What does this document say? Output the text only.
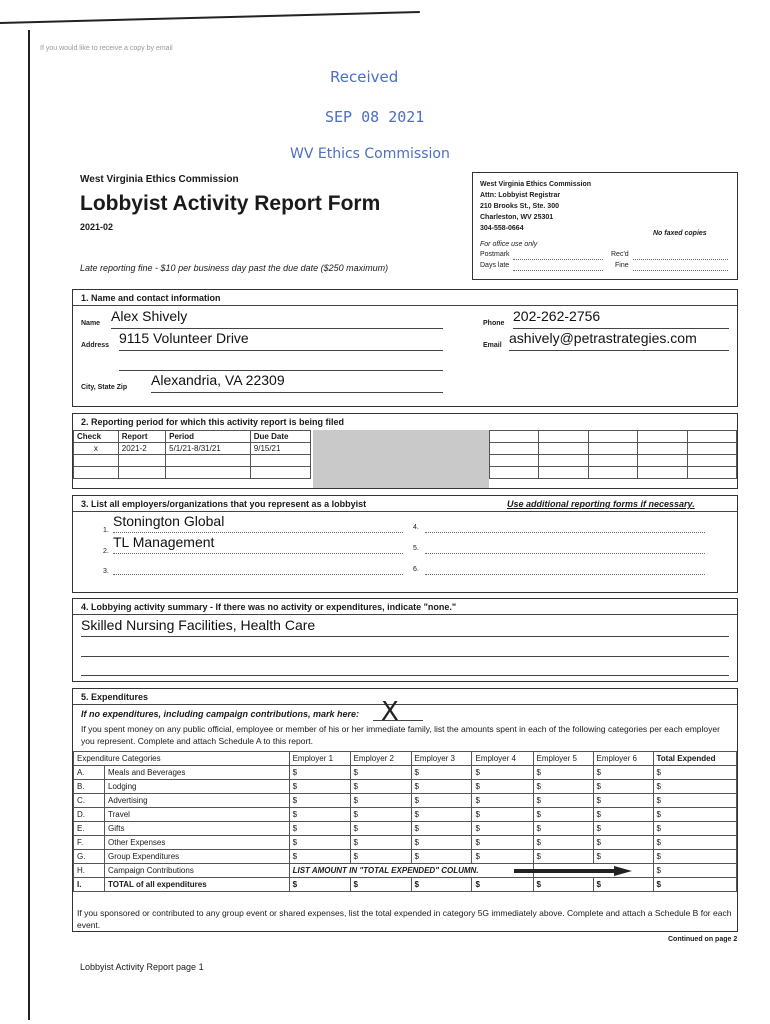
If you would like to receive a copy by email
Received
SEP 08 2021
WV Ethics Commission
West Virginia Ethics Commission
Lobbyist Activity Report Form
2021-02
Late reporting fine - $10 per business day past the due date ($250 maximum)
West Virginia Ethics Commission
Attn: Lobbyist Registrar
210 Brooks St., Ste. 300
Charleston, WV 25301
304-558-0664
No faxed copies
For office use only
Postmark	Rec'd
Days late	Fine
1. Name and contact information
Name Alex Shively
Address 9115 Volunteer Drive
City, State Zip Alexandria, VA 22309
Phone 202-262-2756
Email ashively@petrastrategies.com
2. Reporting period for which this activity report is being filed
Check	Report	Period	Due Date
x	2021-2	5/1/21-8/31/21	9/15/21

3. List all employers/organizations that you represent as a lobbyist	Use additional reporting forms if necessary.
1.
Stonington Global
2.
TL Management
3.
4.
5.
6.
4. Lobbying activity summary - If there was no activity or expenditures, indicate "none."
Skilled Nursing Facilities, Health Care
5. Expenditures
If no expenditures, including campaign contributions, mark here: X
If you spent money on any public official, employee or member of his or her immediate family, list the amounts spent in each of the following categories per each employer you represent. Complete and attach Schedule A to this report.
Expenditure Categories		Employer 1	Employer 2	Employer 3	Employer 4	Employer 5	Employer 6	Total Expended
A.	Meals and Beverages	$	$	$	$	$	$	$
B.	Lodging	$	$	$	$	$	$	$
C.	Advertising	$	$	$	$	$	$	$
D.	Travel	$	$	$	$	$	$	$
E.	Gifts	$	$	$	$	$	$	$
F.	Other Expenses	$	$	$	$	$	$	$
G.	Group Expenditures	$	$	$	$	$	$	$
H.	Campaign Contributions	LIST AMOUNT IN "TOTAL EXPENDED" COLUMN.						$
I.	TOTAL of all expenditures	$	$	$	$	$	$	$
If you sponsored or contributed to any group event or shared expenses, list the total expended in category 5G immediately above. Complete and attach a Schedule B for each event.
Continued on page 2
Lobbyist Activity Report page 1
